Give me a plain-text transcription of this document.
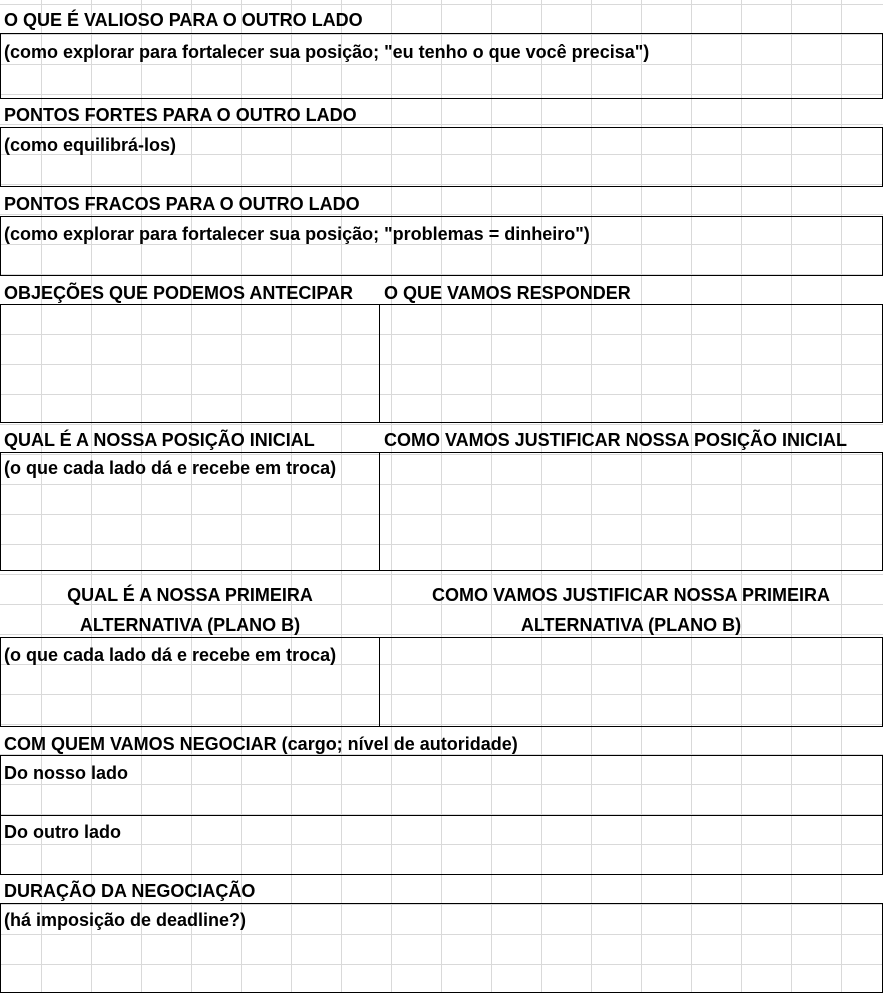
O QUE É VALIOSO PARA O OUTRO LADO
(como explorar para fortalecer sua posição; "eu tenho o que você precisa")
PONTOS FORTES PARA O OUTRO LADO
(como equilibrá-los)
PONTOS FRACOS PARA O OUTRO LADO
(como explorar para fortalecer sua posição; "problemas = dinheiro")
OBJEÇÕES QUE PODEMOS ANTECIPAR O QUE VAMOS RESPONDER
QUAL É A NOSSA POSIÇÃO INICIAL	COMO VAMOS JUSTIFICAR NOSSA POSIÇÃO INICIAL
(o que cada lado dá e recebe em troca)
QUAL É A NOSSA PRIMEIRA ALTERNATIVA (PLANO B)
COMO VAMOS JUSTIFICAR NOSSA PRIMEIRA ALTERNATIVA (PLANO B)
(o que cada lado dá e recebe em troca)
COM QUEM VAMOS NEGOCIAR (cargo; nível de autoridade)
Do nosso lado
Do outro lado
DURAÇÃO DA NEGOCIAÇÃO
(há imposição de deadline?)
